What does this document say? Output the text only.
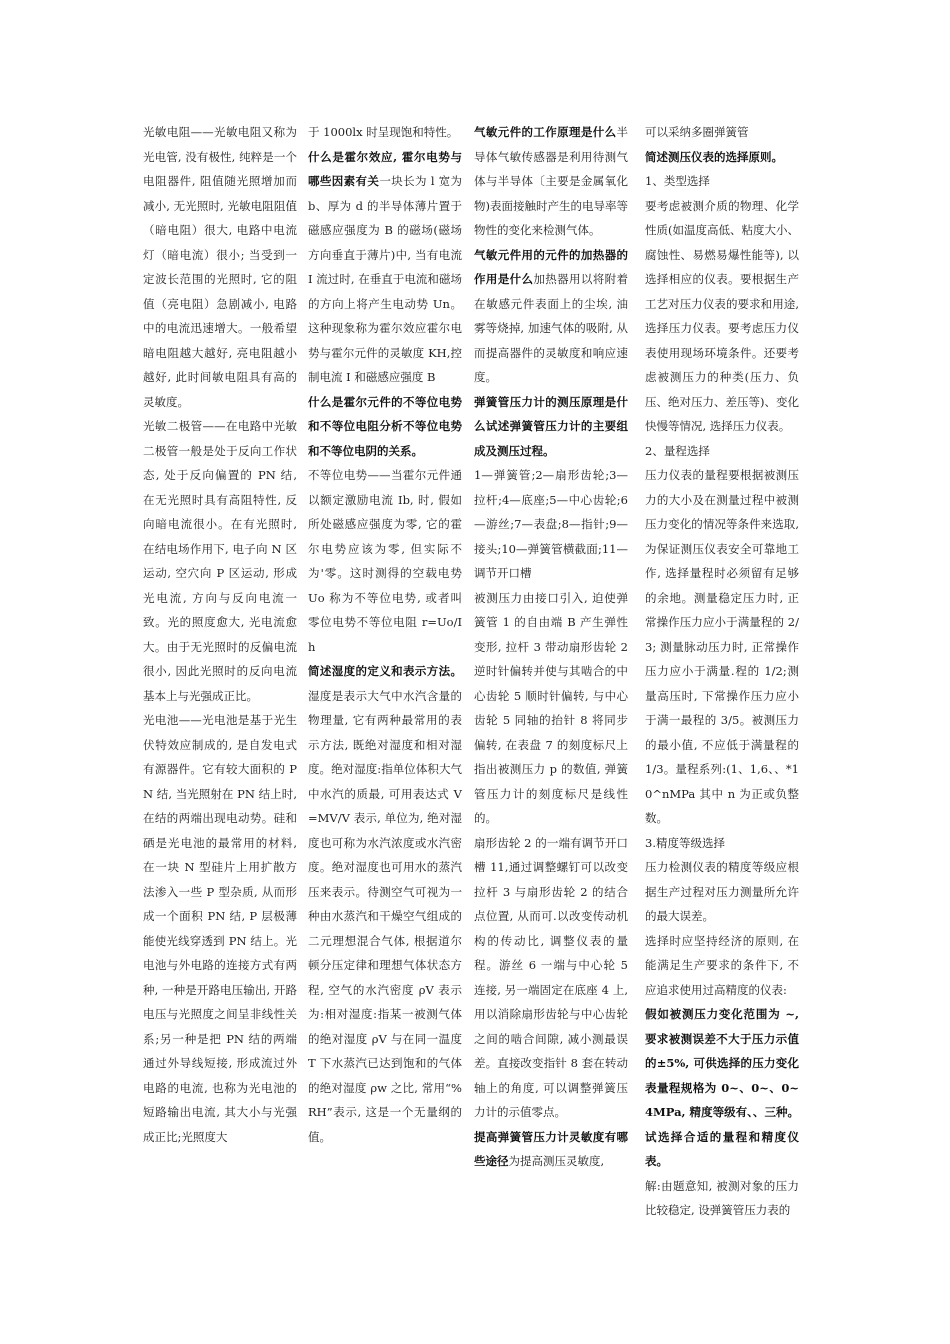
光敏电阻——光敏电阻又称为光电管, 没有极性, 纯粹是一个电阻器件, 阻值随光照增加而减小, 无光照时, 光敏电阻阻值（暗电阻）很大, 电路中电流灯（暗电流）很小; 当受到一定波长范围的光照时, 它的阻值（亮电阻）急剧减小, 电路中的电流迅速增大。一般希望暗电阻越大越好, 亮电阻越小越好, 此时间敏电阻具有高的灵敏度。

光敏二极管——在电路中光敏二极管一般是处于反向工作状态, 处于反向偏置的 PN 结, 在无光照时具有高阻特性, 反向暗电流很小。在有光照时, 在结电场作用下, 电子向 N 区运动, 空穴向 P 区运动, 形成光电流, 方向与反向电流一致。光的照度愈大, 光电流愈大。由于无光照时的反偏电流很小, 因此光照时的反向电流基本上与光强成正比。

光电池——光电池是基于光生伏特效应制成的, 是自发电式有源器件。它有较大面积的 PN 结, 当光照射在 PN 结上时, 在结的两端出现电动势。硅和硒是光电池的最常用的材料, 在一块 N 型硅片上用扩散方法渗入一些 P 型杂质, 从而形成一个面积 PN 结, P 层极薄能使光线穿透到 PN 结上。光电池与外电路的连接方式有两种, 一种是开路电压输出, 开路电压与光照度之间呈非线性关系;另一种是把 PN 结的两端通过外导线短接, 形成流过外电路的电流, 也称为光电池的短路输出电流, 其大小与光强成正比;光照度大

于 1000lx 时呈现饱和特性。

什么是霍尔效应, 霍尔电势与哪些因素有关一块长为 l 宽为 b、厚为 d 的半导体薄片置于磁感应强度为 B 的磁场(磁场方向垂直于薄片)中, 当有电流 I 流过时, 在垂直于电流和磁场的方向上将产生电动势 Un。这种现象称为霍尔效应霍尔电势与霍尔元件的灵敏度 KH,控制电流 I 和磁感应强度 B

什么是霍尔元件的不等位电势和不等位电阻分析不等位电势和不等位电阴的关系。

不等位电势——当霍尔元件通以额定激励电流 Ib, 时, 假如所处磁感应强度为零, 它的霍尔电势应该为零, 但实际不为'零。这时测得的空载电势 Uo 称为不等位电势, 或者叫零位电势不等位电阻 r=Uo/Ih

简述湿度的定义和表示方法。湿度是表示大气中水汽含量的物理量, 它有两种最常用的表示方法, 既绝对湿度和相对湿度。绝对湿度:指单位体积大气中水汽的质最, 可用表达式 V=MV/V 表示, 单位为, 绝对湿度也可称为水汽浓度或水汽密度。绝对湿度也可用水的蒸汽压来表示。待测空气可视为一种由水蒸汽和干燥空气组成的二元理想混合气体, 根据道尔顿分压定律和理想气体状态方程, 空气的水汽密度 ρV 表示为:相对湿度:指某一被测气体的绝对湿度 ρV 与在同一温度 T 下水蒸汽已达到饱和的气体的绝对湿度 ρw 之比, 常用“%RH”表示, 这是一个无量纲的值。

气敏元件的工作原理是什么半导体气敏传感器是利用待测气体与半导体〔主要是金属氧化物)表面接触时产生的电导率等物性的变化来检测气体。

气敏元件用的元件的加热器的作用是什么加热器用以将附着在敏感元件表面上的尘埃, 油雾等烧掉, 加速气体的吸附, 从而提高器件的灵敏度和响应速度。

弹簧管压力计的测压原理是什么试述弹簧管压力计的主要组成及测压过程。

1—弹簧管;2—扇形齿轮;3—拉杆;4—底座;5—中心齿轮;6—游丝;7—表盘;8—指针;9—接头;10—弹簧管横截面;11—调节开口槽

被测压力由接口引入, 迫使弹簧管 1 的自由端 B 产生弹性变形, 拉杆 3 带动扇形齿轮 2 逆时针偏转并使与其啮合的中心齿轮 5 顺时针偏转, 与中心齿轮 5 同轴的抬针 8 将同步偏转, 在表盘 7 的刻度标尺上指出被测压力 p 的数值, 弹簧管压力计的刻度标尺是线性的。

扇形齿轮 2 的一端有调节开口槽 11,通过调整螺钉可以改变拉杆 3 与扇形齿轮 2 的结合点位置, 从而可.以改变传动机构的传动比, 调整仪表的量程。游丝 6 一端与中心轮 5 连接, 另一端固定在底座 4 上, 用以消除扇形齿轮与中心齿轮之间的啮合间隙, 减小测最误差。直接改变指针 8 套在转动轴上的角度, 可以调整弹簧压力计的示值零点。

提高弹簧管压力计灵敏度有哪些途径为提高测压灵敏度,

可以采纳多圈弹簧管

简述测压仪表的选择原则。

1、类型选择

要考虑被测介质的物理、化学性质(如温度高低、粘度大小、腐蚀性、易燃易爆性能等), 以选择相应的仪表。要根据生产工艺对压力仪表的要求和用途, 选择压力仪表。要考虑压力仪表使用现场环境条件。还要考虑被测压力的种类(压力、负压、绝对压力、差压等)、变化快慢等情况, 选择压力仪表。

2、量程选择

压力仪表的量程要根据被测压力的大小及在测量过程中被测压力变化的情况等条件来选取, 为保证测压仪表安全可靠地工作, 选择量程时必须留有足够的余地。测量稳定压力时, 正常操作压力应小于满量程的 2/3; 测量脉动压力时, 正常操作压力应小于满量.程的 1/2;测量高压时, 下常操作压力应小于满一最程的 3/5。被测压力的最小值, 不应低于满量程的 1/3。量程系列:(1、1,6、、*10^nMPa 其中 n 为正或负整数。

3.精度等级选择

压力检测仪表的精度等级应根据生产过程对压力测量所允许的最大误差。

选择时应坚持经济的原则, 在能满足生产要求的条件下, 不应追求使用过高精度的仪表:

假如被测压力变化范围为 ~, 要求被测误差不大于压力示值的±5%, 可供选择的压力变化表量程规格为 0~、0~、0~4MPa, 精度等级有、、三种。试选择合适的量程和精度仪表。

解:由题意知, 被测对象的压力比较稳定, 设弹簧管压力表的
